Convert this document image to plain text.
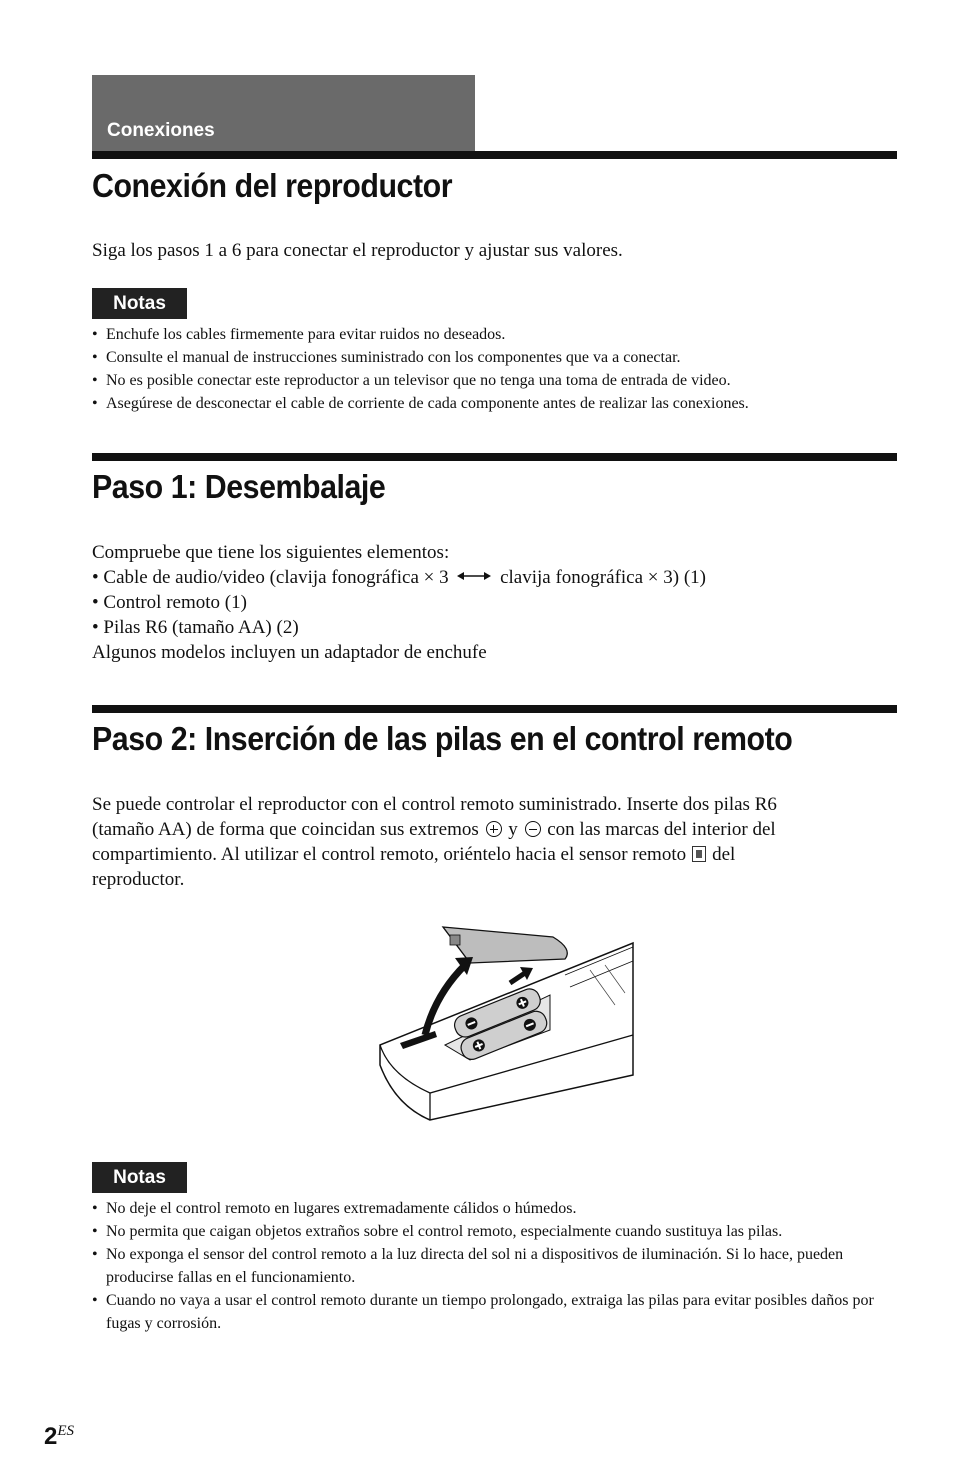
Conexiones
Conexión del reproductor

Siga los pasos 1 a 6 para conectar el reproductor y ajustar sus valores.

Notas
• Enchufe los cables firmemente para evitar ruidos no deseados.
• Consulte el manual de instrucciones suministrado con los componentes que va a conectar.
• No es posible conectar este reproductor a un televisor que no tenga una toma de entrada de video.
• Asegúrese de desconectar el cable de corriente de cada componente antes de realizar las conexiones.
Paso 1: Desembalaje
Compruebe que tiene los siguientes elementos:
• Cable de audio/video (clavija fonográfica × 3	clavija fonográfica × 3) (1)
• Control remoto (1)
• Pilas R6 (tamaño AA) (2)
Algunos modelos incluyen un adaptador de enchufe
Paso 2: Inserción de las pilas en el control remoto
Se puede controlar el reproductor con el control remoto suministrado. Inserte dos pilas R6
(tamaño AA) de forma que coincidan sus extremos y con las marcas del interior del
compartimiento. Al utilizar el control remoto, oriéntelo hacia el sensor remoto del
reproductor.
Notas
• No deje el control remoto en lugares extremadamente cálidos o húmedos.
• No permita que caigan objetos extraños sobre el control remoto, especialmente cuando sustituya las pilas.
• No exponga el sensor del control remoto a la luz directa del sol ni a dispositivos de iluminación. Si lo hace, pueden producirse fallas en el funcionamiento.
• Cuando no vaya a usar el control remoto durante un tiempo prolongado, extraiga las pilas para evitar posibles daños por fugas y corrosión.
$2^{ES}$
